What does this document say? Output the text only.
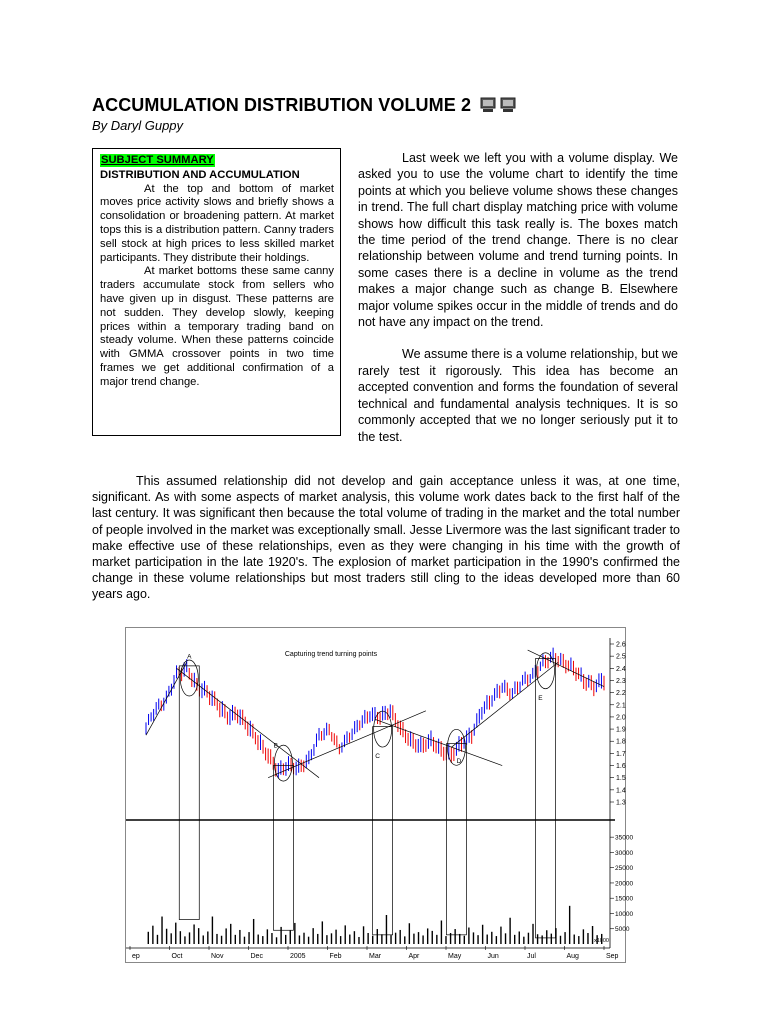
ACCUMULATION DISTRIBUTION VOLUME 2
By Daryl Guppy
SUBJECT SUMMARY
DISTRIBUTION AND ACCUMULATION

At the top and bottom of market moves price activity slows and briefly shows a consolidation or broadening pattern. At market tops this is a distribution pattern. Canny traders sell stock at high prices to less skilled market participants. They distribute their holdings.

At market bottoms these same canny traders accumulate stock from sellers who have given up in disgust. These patterns are not sudden. They develop slowly, keeping prices within a temporary trading band on steady volume. When these patterns coincide with GMMA crossover points in two time frames we get additional confirmation of a major trend change.

Last week we left you with a volume display. We asked you to use the volume chart to identify the time points at which you believe volume shows these changes in trend. The full chart display matching price with volume shows how difficult this task really is. The boxes match the time period of the trend change. There is no clear relationship between volume and trend turning points. In some cases there is a decline in volume as the trend makes a major change such as change B. Elsewhere major volume spikes occur in the middle of trends and do not have any impact on the trend.

We assume there is a volume relationship, but we rarely test it rigorously. This idea has become an accepted convention and forms the foundation of several technical and fundamental analysis techniques. It is so commonly accepted that we no longer seriously put it to the test.

This assumed relationship did not develop and gain acceptance unless it was, at one time, significant. As with some aspects of market analysis, this volume work dates back to the first half of the last century. It was significant then because the total volume of trading in the market and the total number of people involved in the market was exceptionally small. Jesse Livermore was the last significant trader to make effective use of these relationships, even as they were changing in his time with the growth of market participation in the late 1920's. The explosion of market participation in the 1990's confirmed the change in these volume relationships but most traders still cling to the ideas developed more than 60 years ago.

Capturing trend turning points
2.6
2.5
2.4
2.3
2.2
2.1
2.0
1.9
1.8
1.7
1.6
1.5
1.4
1.3
35000
30000
25000
20000
15000
10000
5000
x1000
ep	Oct	Nov	Dec	2005	Feb	Mar	Apr	May	Jun	Jul	Aug	Sep
A
B
C
D
E
